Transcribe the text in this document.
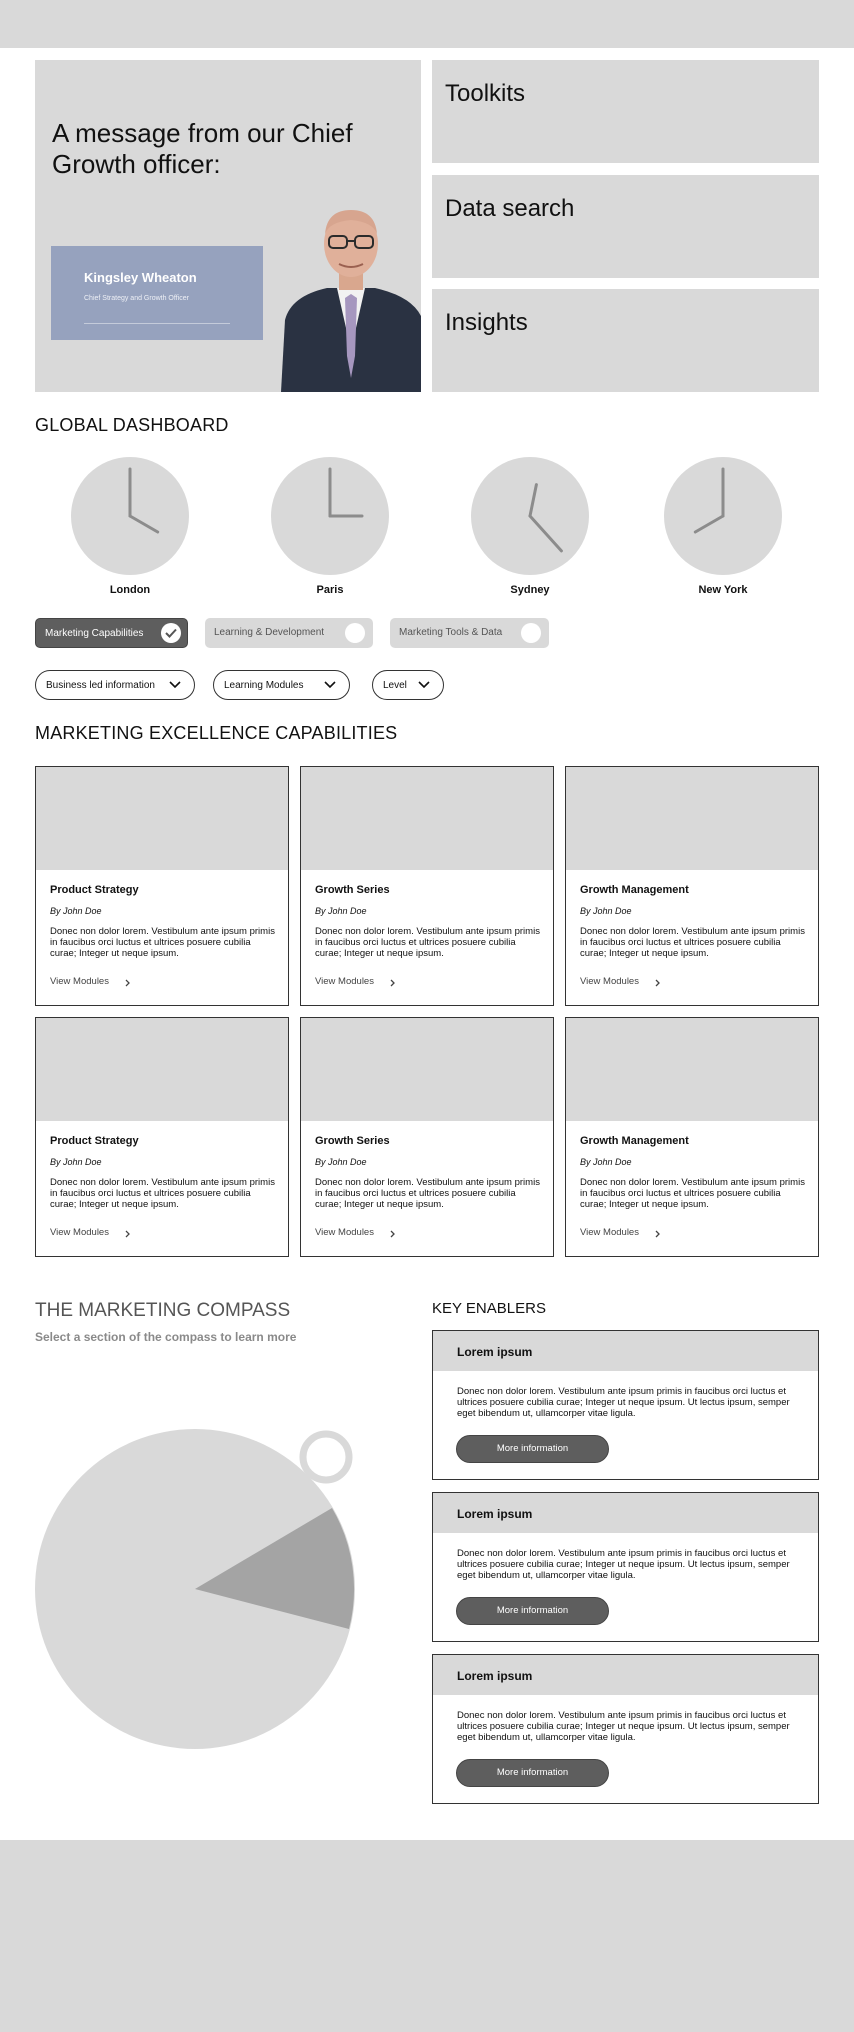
A message from our Chief Growth officer:
Kingsley Wheaton
Chief Strategy and Growth Officer
Toolkits
Data search
Insights
GLOBAL DASHBOARD
London	Paris	Sydney	New York
Marketing Capabilities	Learning & Development	Marketing Tools & Data
Business led information	Learning Modules	Level
MARKETING EXCELLENCE CAPABILITIES
Product Strategy
By John Doe
Donec non dolor lorem. Vestibulum ante ipsum primis in faucibus orci luctus et ultrices posuere cubilia curae; Integer ut neque ipsum.
View Modules
Growth Series
By John Doe
Donec non dolor lorem. Vestibulum ante ipsum primis in faucibus orci luctus et ultrices posuere cubilia curae; Integer ut neque ipsum.
View Modules
Growth Management
By John Doe
Donec non dolor lorem. Vestibulum ante ipsum primis in faucibus orci luctus et ultrices posuere cubilia curae; Integer ut neque ipsum.
View Modules
Product Strategy
By John Doe
Donec non dolor lorem. Vestibulum ante ipsum primis in faucibus orci luctus et ultrices posuere cubilia curae; Integer ut neque ipsum.
View Modules
Growth Series
By John Doe
Donec non dolor lorem. Vestibulum ante ipsum primis in faucibus orci luctus et ultrices posuere cubilia curae; Integer ut neque ipsum.
View Modules
Growth Management
By John Doe
Donec non dolor lorem. Vestibulum ante ipsum primis in faucibus orci luctus et ultrices posuere cubilia curae; Integer ut neque ipsum.
View Modules
THE MARKETING COMPASS
Select a section of the compass to learn more
KEY ENABLERS
Lorem ipsum
Donec non dolor lorem. Vestibulum ante ipsum primis in faucibus orci luctus et ultrices posuere cubilia curae; Integer ut neque ipsum. Ut lectus ipsum, semper eget bibendum ut, ullamcorper vitae ligula.
More information
Lorem ipsum
Donec non dolor lorem. Vestibulum ante ipsum primis in faucibus orci luctus et ultrices posuere cubilia curae; Integer ut neque ipsum. Ut lectus ipsum, semper eget bibendum ut, ullamcorper vitae ligula.
More information
Lorem ipsum
Donec non dolor lorem. Vestibulum ante ipsum primis in faucibus orci luctus et ultrices posuere cubilia curae; Integer ut neque ipsum. Ut lectus ipsum, semper eget bibendum ut, ullamcorper vitae ligula.
More information
